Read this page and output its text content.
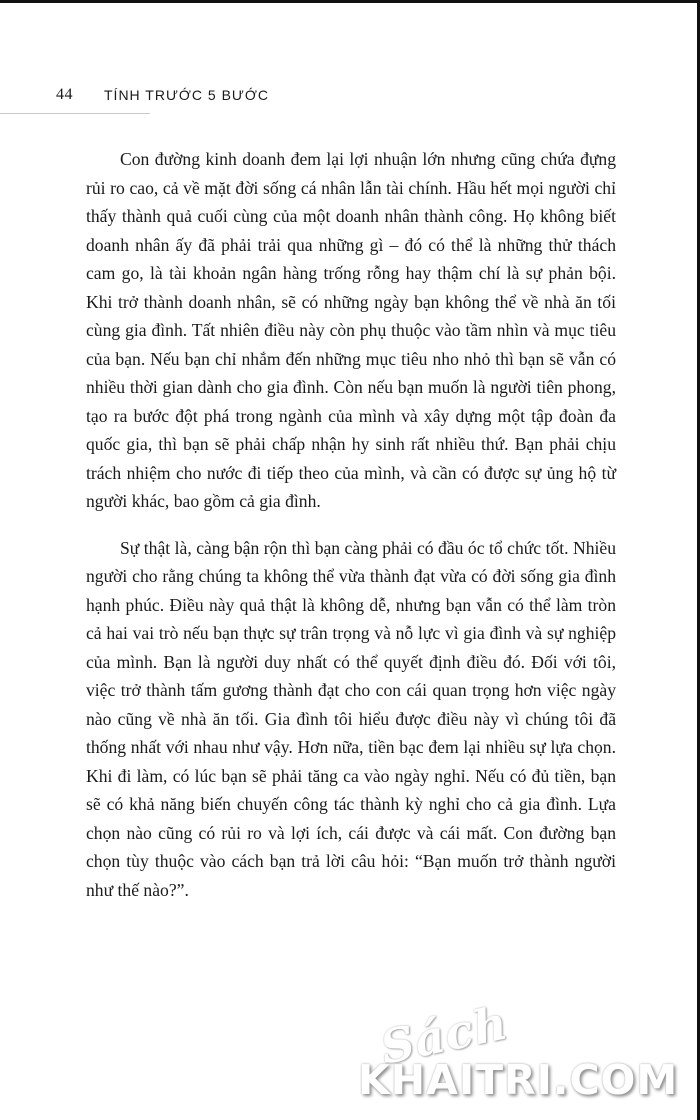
44 TÍNH TRƯỚC 5 BƯỚC

Con đường kinh doanh đem lại lợi nhuận lớn nhưng cũng chứa đựng rủi ro cao, cả về mặt đời sống cá nhân lẫn tài chính. Hầu hết mọi người chỉ thấy thành quả cuối cùng của một doanh nhân thành công. Họ không biết doanh nhân ấy đã phải trải qua những gì – đó có thể là những thử thách cam go, là tài khoản ngân hàng trống rỗng hay thậm chí là sự phản bội. Khi trở thành doanh nhân, sẽ có những ngày bạn không thể về nhà ăn tối cùng gia đình. Tất nhiên điều này còn phụ thuộc vào tầm nhìn và mục tiêu của bạn. Nếu bạn chỉ nhắm đến những mục tiêu nho nhỏ thì bạn sẽ vẫn có nhiều thời gian dành cho gia đình. Còn nếu bạn muốn là người tiên phong, tạo ra bước đột phá trong ngành của mình và xây dựng một tập đoàn đa quốc gia, thì bạn sẽ phải chấp nhận hy sinh rất nhiều thứ. Bạn phải chịu trách nhiệm cho nước đi tiếp theo của mình, và cần có được sự ủng hộ từ người khác, bao gồm cả gia đình.

Sự thật là, càng bận rộn thì bạn càng phải có đầu óc tổ chức tốt. Nhiều người cho rằng chúng ta không thể vừa thành đạt vừa có đời sống gia đình hạnh phúc. Điều này quả thật là không dễ, nhưng bạn vẫn có thể làm tròn cả hai vai trò nếu bạn thực sự trân trọng và nỗ lực vì gia đình và sự nghiệp của mình. Bạn là người duy nhất có thể quyết định điều đó. Đối với tôi, việc trở thành tấm gương thành đạt cho con cái quan trọng hơn việc ngày nào cũng về nhà ăn tối. Gia đình tôi hiểu được điều này vì chúng tôi đã thống nhất với nhau như vậy. Hơn nữa, tiền bạc đem lại nhiều sự lựa chọn. Khi đi làm, có lúc bạn sẽ phải tăng ca vào ngày nghỉ. Nếu có đủ tiền, bạn sẽ có khả năng biến chuyến công tác thành kỳ nghỉ cho cả gia đình. Lựa chọn nào cũng có rủi ro và lợi ích, cái được và cái mất. Con đường bạn chọn tùy thuộc vào cách bạn trả lời câu hỏi: “Bạn muốn trở thành người như thế nào?”.

Sách
KHAITRI.COM
